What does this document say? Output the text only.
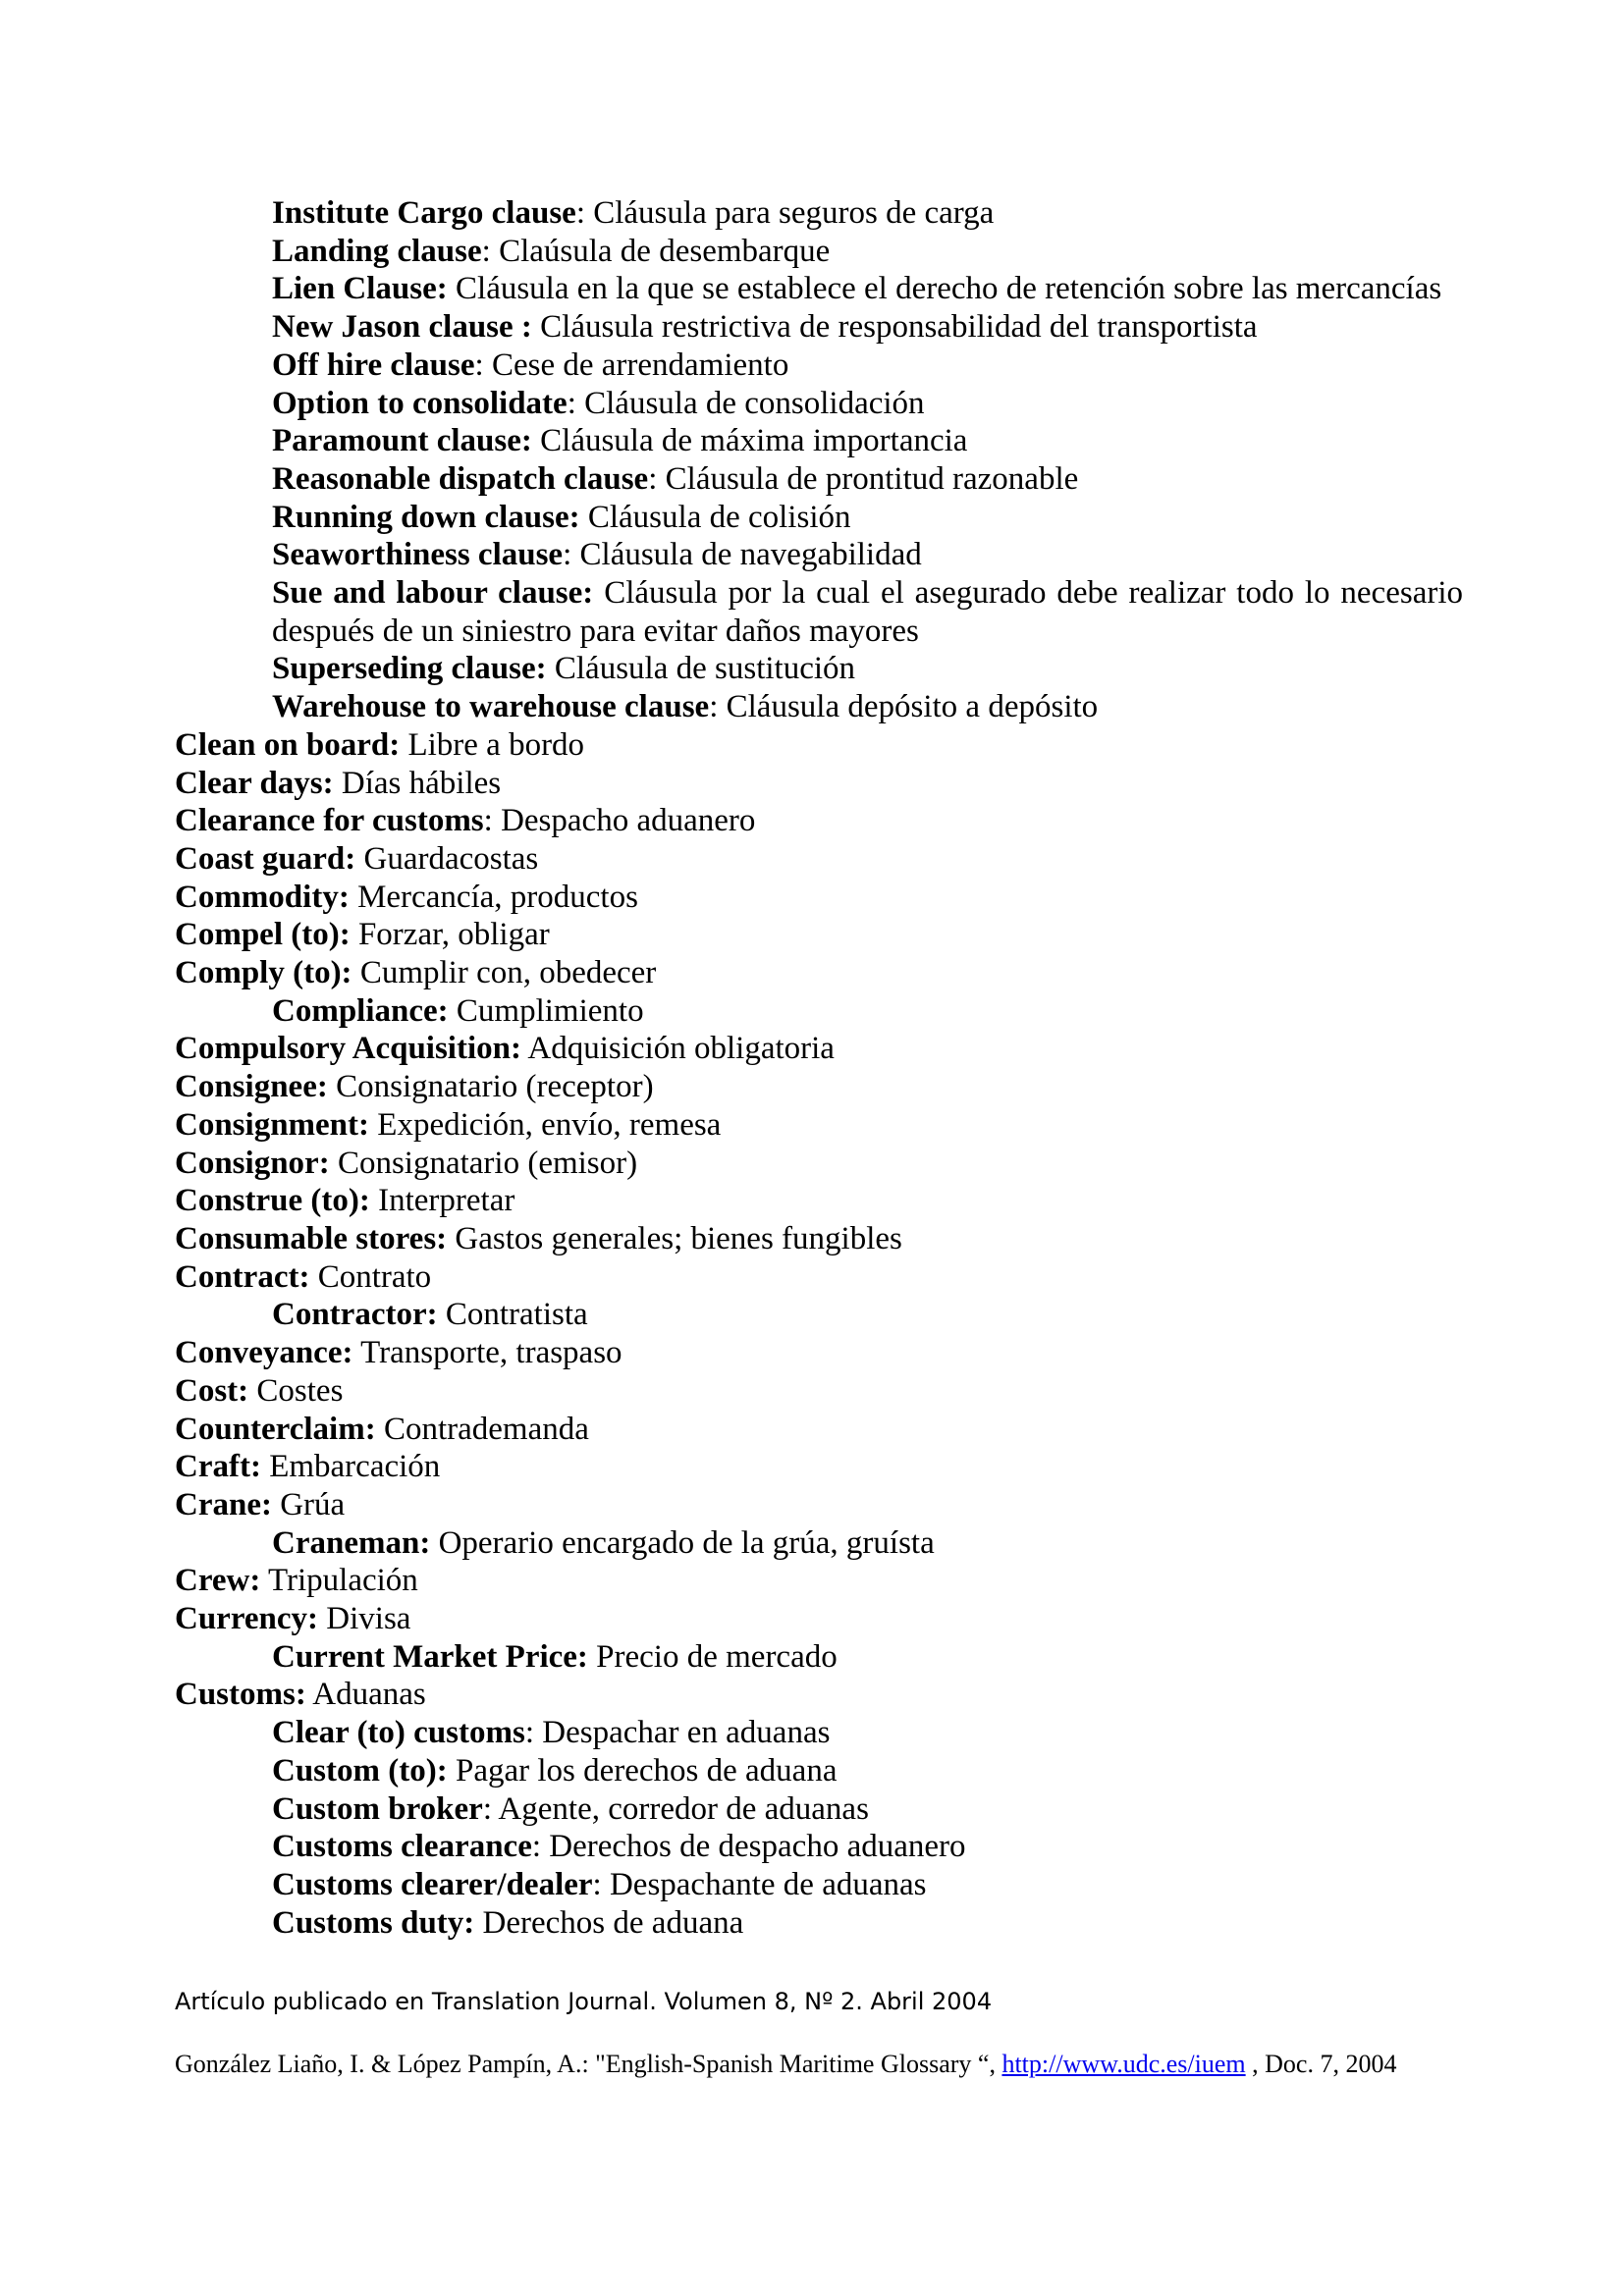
Institute Cargo clause: Cláusula para seguros de carga

Landing clause: Claúsula de desembarque

Lien Clause: Cláusula en la que se establece el derecho de retención sobre las mercancías

New Jason clause : Cláusula restrictiva de responsabilidad del transportista

Off hire clause: Cese de arrendamiento

Option to consolidate: Cláusula de consolidación

Paramount clause: Cláusula de máxima importancia

Reasonable dispatch clause: Cláusula de prontitud razonable

Running down clause: Cláusula de colisión

Seaworthiness clause: Cláusula de navegabilidad

Sue and labour clause: Cláusula por la cual el asegurado debe realizar todo lo necesario después de un siniestro para evitar daños mayores

Superseding clause: Cláusula de sustitución

Warehouse to warehouse clause: Cláusula depósito a depósito

Clean on board: Libre a bordo

Clear days: Días hábiles

Clearance for customs: Despacho aduanero

Coast guard: Guardacostas

Commodity: Mercancía, productos

Compel (to): Forzar, obligar

Comply (to): Cumplir con, obedecer

Compliance: Cumplimiento

Compulsory Acquisition: Adquisición obligatoria

Consignee: Consignatario (receptor)

Consignment: Expedición, envío, remesa

Consignor: Consignatario (emisor)

Construe (to): Interpretar

Consumable stores: Gastos generales; bienes fungibles

Contract: Contrato

Contractor: Contratista

Conveyance: Transporte, traspaso

Cost: Costes

Counterclaim: Contrademanda

Craft: Embarcación

Crane: Grúa

Craneman: Operario encargado de la grúa, gruísta

Crew: Tripulación

Currency: Divisa

Current Market Price: Precio de mercado

Customs: Aduanas

Clear (to) customs: Despachar en aduanas

Custom (to): Pagar los derechos de aduana

Custom broker: Agente, corredor de aduanas

Customs clearance: Derechos de despacho aduanero

Customs clearer/dealer: Despachante de aduanas

Customs duty: Derechos de aduana

Artículo publicado en Translation Journal. Volumen 8, Nº 2. Abril 2004
González Liaño, I. & López Pampín, A.: "English-Spanish Maritime Glossary “, http://www.udc.es/iuem , Doc. 7, 2004
